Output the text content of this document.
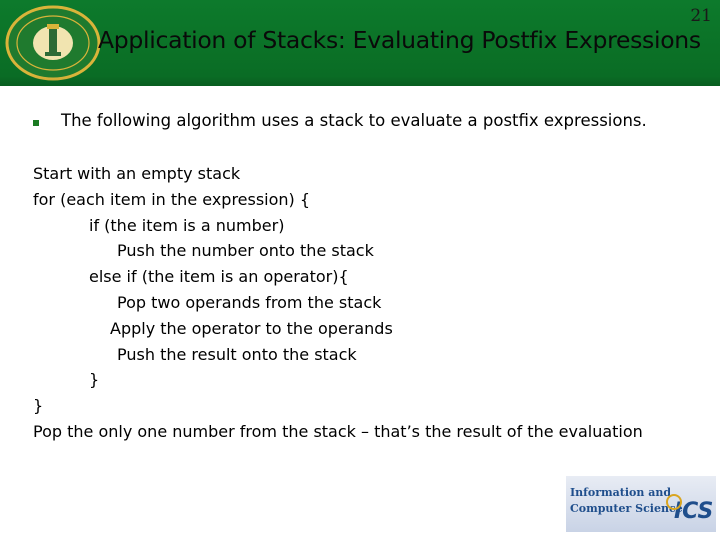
Application of Stacks: Evaluating Postfix Expressions
21
The following algorithm uses a stack to evaluate a postfix expressions.
Start with an empty stack
for (each item in the expression) {
if (the item is a number)
Push the number onto the stack
else if (the item is an operator){
Pop two operands from the stack
Apply the operator to the operands
Push the result onto the stack
}
}
Pop the only one number from the stack – that’s the result of the evaluation
Information and
Computer Science
ICS
